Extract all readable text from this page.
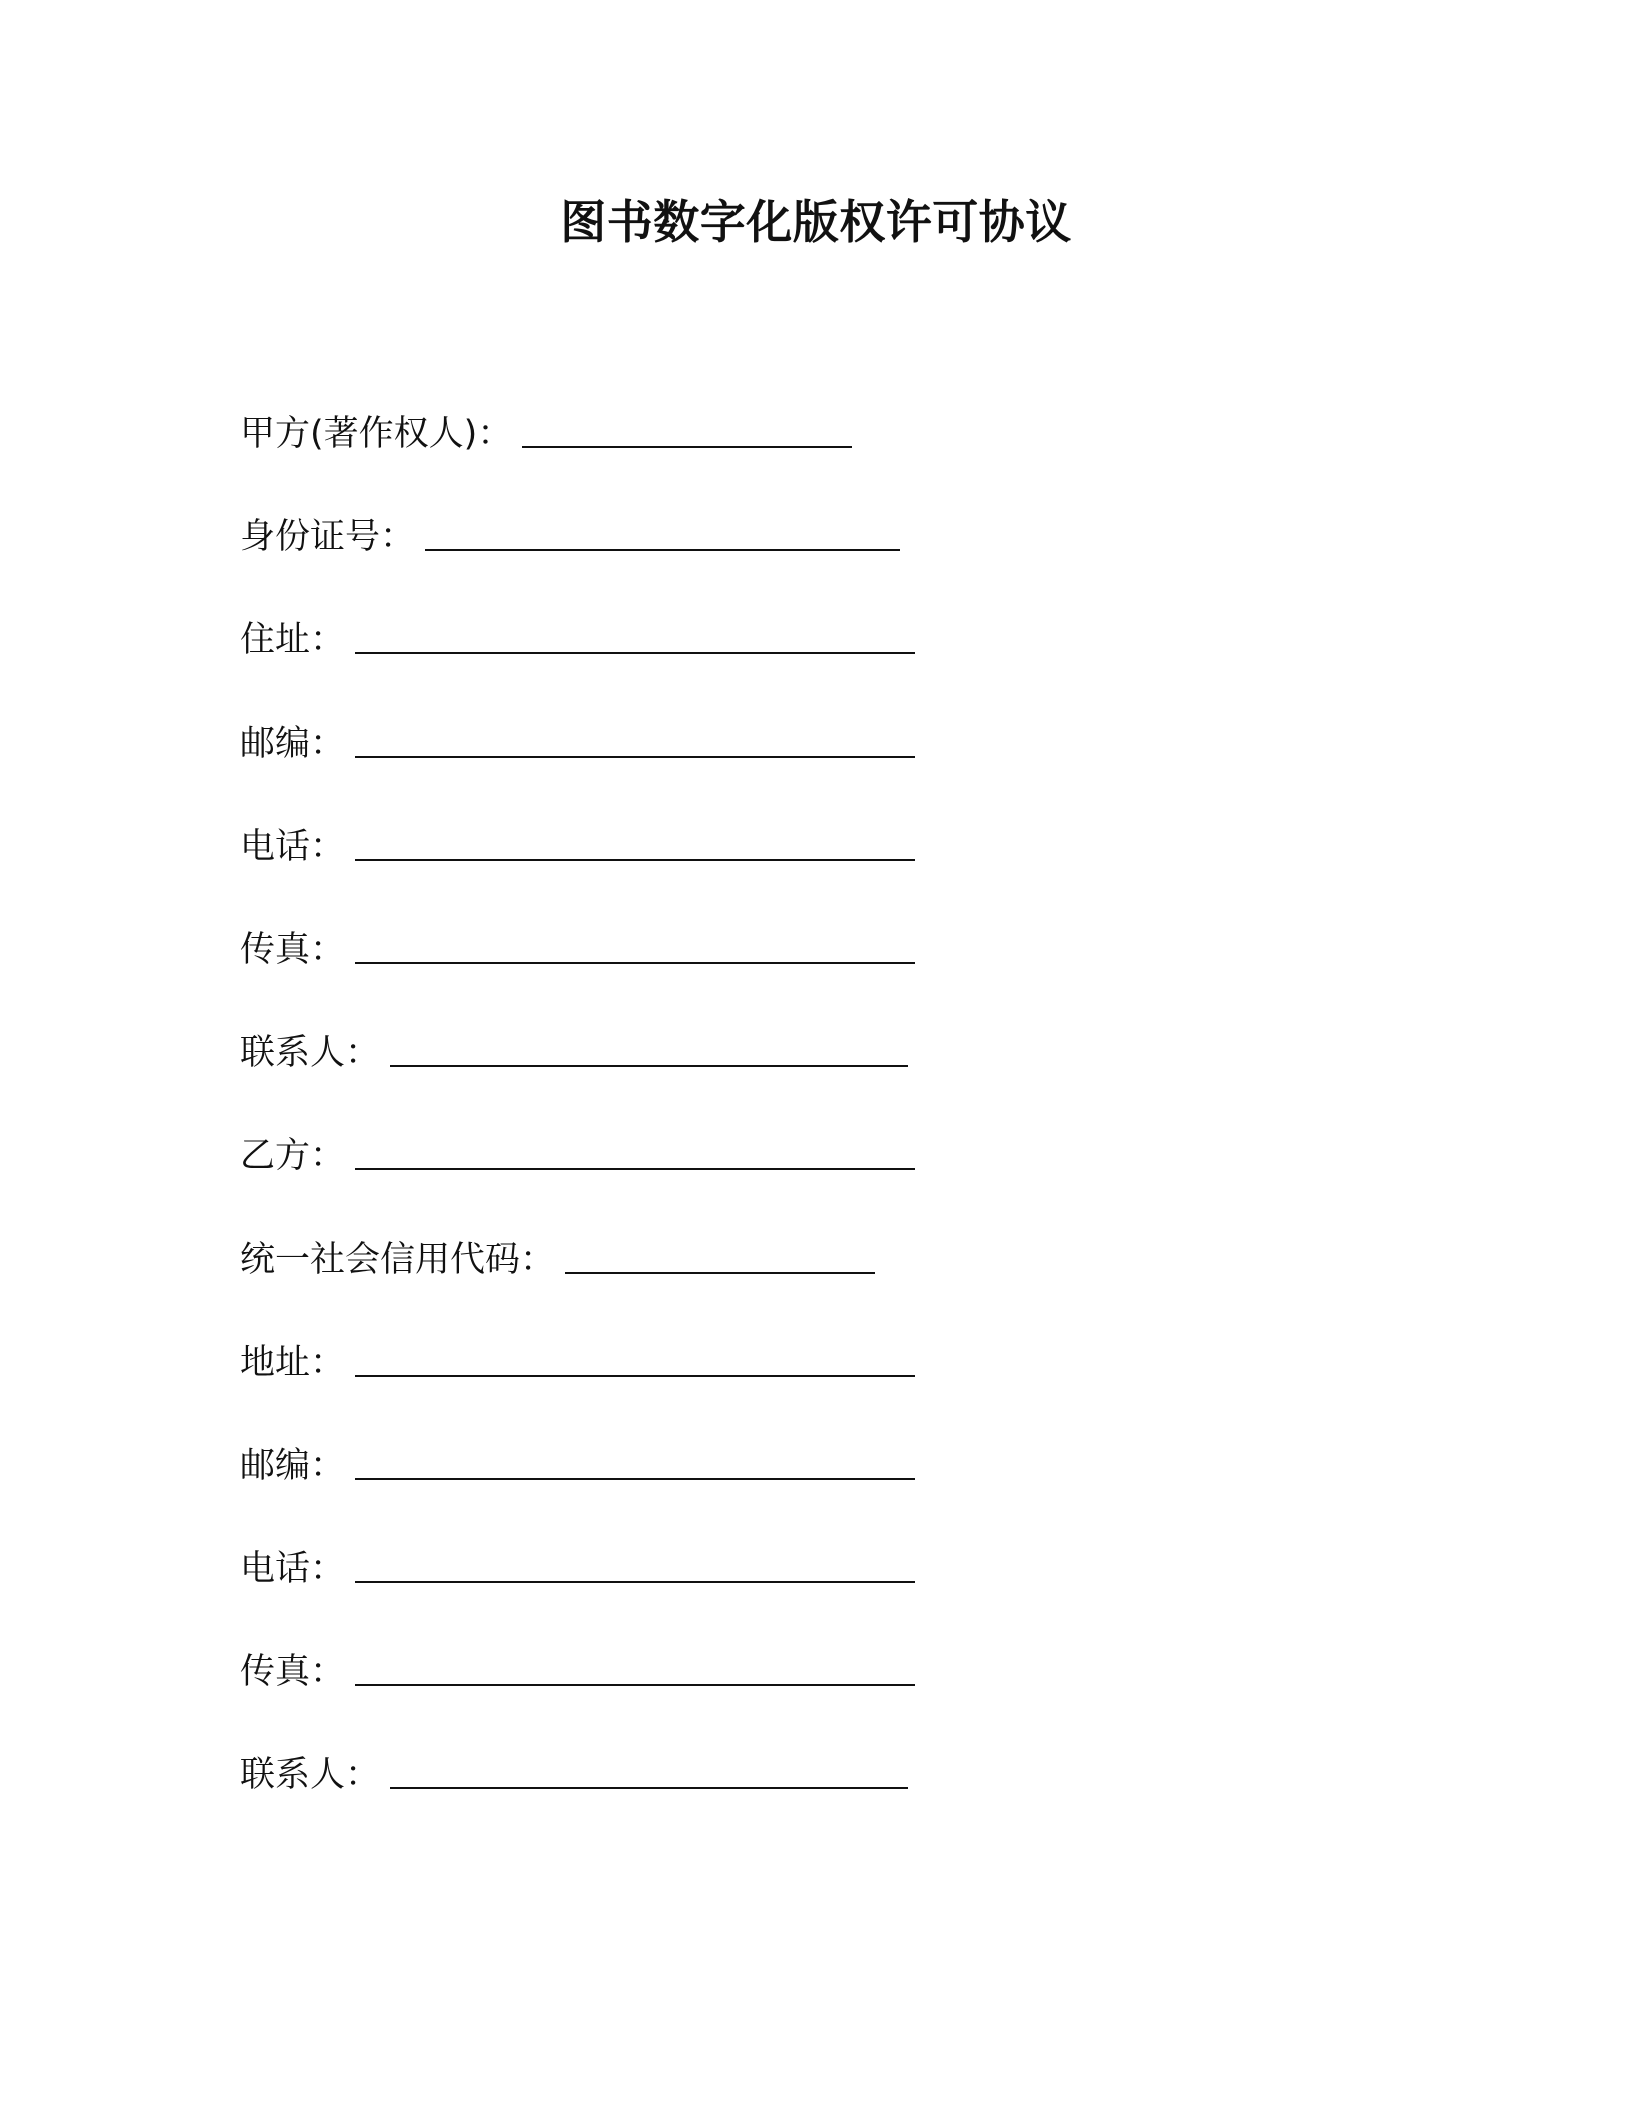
图书数字化版权许可协议
甲方(著作权人) ：
身份证号 ：
住址 ：
邮编 ：
电话 ：
传真 ：
联系人 ：
乙方 ：
统一社会信用代码 ：
地址 ：
邮编 ：
电话 ：
传真 ：
联系人 ：
